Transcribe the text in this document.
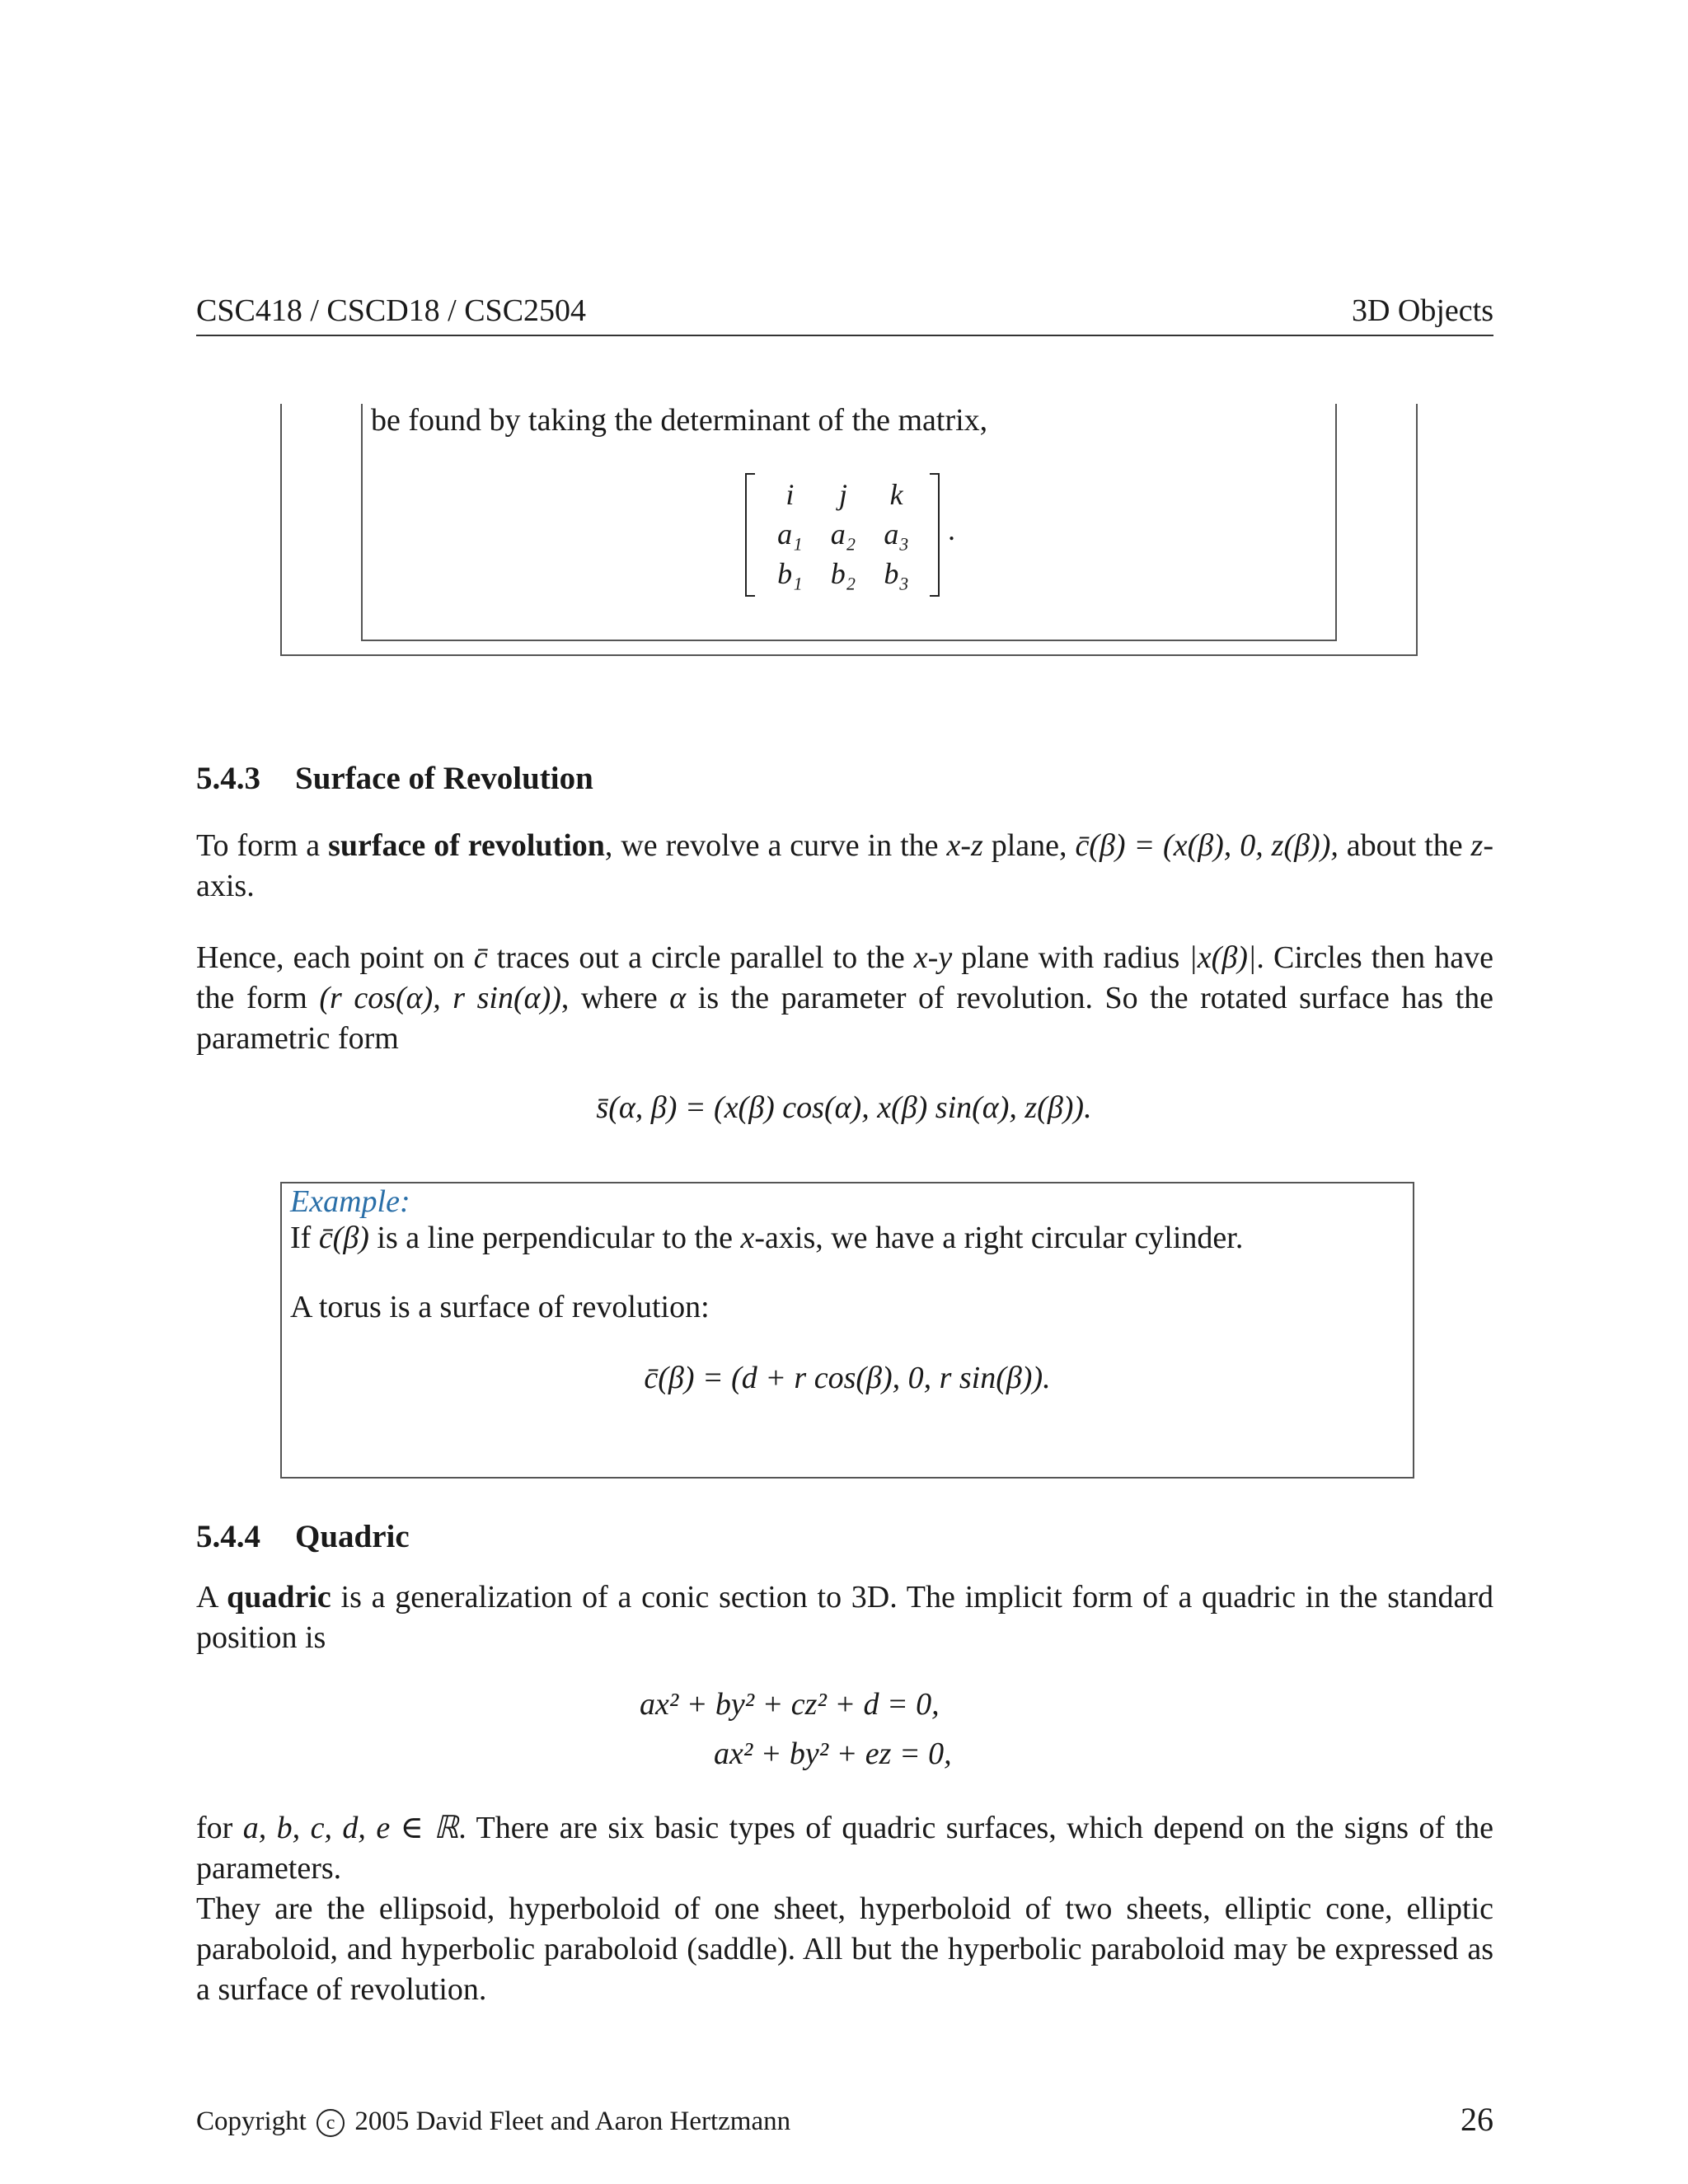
CSC418 / CSCD18 / CSC2504	3D Objects
be found by taking the determinant of the matrix,
i	j	k
a₁ a₂ a₃
b₁ b₂ b₃
.
5.4.3 Surface of Revolution

To form a surface of revolution, we revolve a curve in the x-z plane, c̄(β) = (x(β), 0, z(β)), about the z-axis.

Hence, each point on c̄ traces out a circle parallel to the x-y plane with radius |x(β)|. Circles then have the form (r cos(α), r sin(α)), where α is the parameter of revolution. So the rotated surface has the parametric form

s̄(α, β) = (x(β) cos(α), x(β) sin(α), z(β)).
Example:
If c̄(β) is a line perpendicular to the x-axis, we have a right circular cylinder.
A torus is a surface of revolution:
c̄(β) = (d + r cos(β), 0, r sin(β)).
5.4.4 Quadric

A quadric is a generalization of a conic section to 3D. The implicit form of a quadric in the standard position is

ax² + by² + cz² + d = 0,
ax² + by² + ez = 0,

for a, b, c, d, e ∈ ℝ. There are six basic types of quadric surfaces, which depend on the signs of the parameters.

They are the ellipsoid, hyperboloid of one sheet, hyperboloid of two sheets, elliptic cone, elliptic paraboloid, and hyperbolic paraboloid (saddle). All but the hyperbolic paraboloid may be expressed as a surface of revolution.

Copyright c 2005 David Fleet and Aaron Hertzmann	26
